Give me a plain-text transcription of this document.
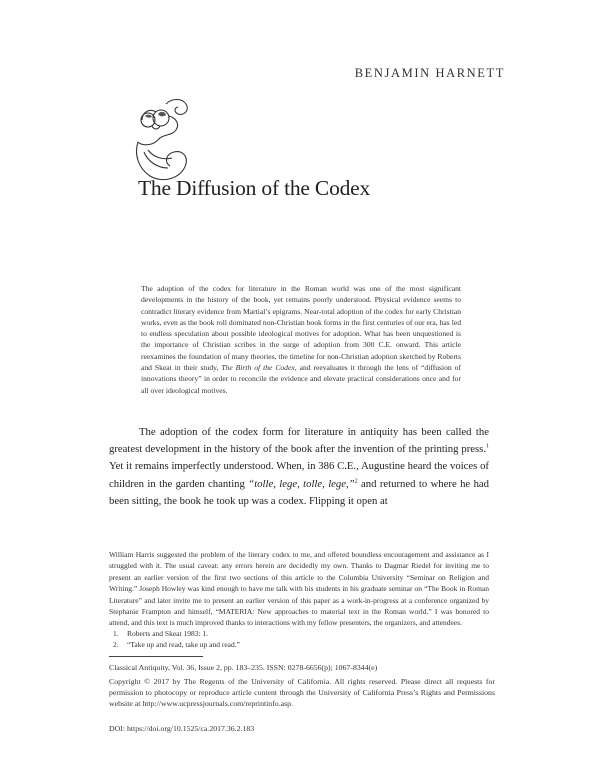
BENJAMIN HARNETT
The Diffusion of the Codex

The adoption of the codex for literature in the Roman world was one of the most significant developments in the history of the book, yet remains poorly understood. Physical evidence seems to contradict literary evidence from Martial’s epigrams. Near-total adoption of the codex for early Christian works, even as the book roll dominated non-Christian book forms in the first centuries of our era, has led to endless speculation about possible ideological motives for adoption. What has been unquestioned is the importance of Christian scribes in the surge of adoption from 300 C.E. onward. This article reexamines the foundation of many theories, the timeline for non-Christian adoption sketched by Roberts and Skeat in their study, The Birth of the Codex, and reevaluates it through the lens of “diffusion of innovations theory” in order to reconcile the evidence and elevate practical considerations once and for all over ideological motives.

The adoption of the codex form for literature in antiquity has been called the greatest development in the history of the book after the invention of the printing press.$^1$ Yet it remains imperfectly understood. When, in 386 C.E., Augustine heard the voices of children in the garden chanting “tolle, lege, tolle, lege,”$^2$ and returned to where he had been sitting, the book he took up was a codex. Flipping it open at

William Harris suggested the problem of the literary codex to me, and offered boundless encouragement and assistance as I struggled with it. The usual caveat: any errors herein are decidedly my own. Thanks to Dagmar Riedel for inviting me to present an earlier version of the first two sections of this article to the Columbia University “Seminar on Religion and Writing.” Joseph Howley was kind enough to have me talk with his students in his graduate seminar on “The Book in Roman Literature” and later invite me to present an earlier version of this paper as a work-in-progress at a conference organized by Stephanie Frampton and himself, “MATERIA: New approaches to material text in the Roman world.” I was honored to attend, and this text is much improved thanks to interactions with my fellow presenters, the organizers, and attendees.

1. Roberts and Skeat 1983: 1.
2. “Take up and read, take up and read.”

Classical Antiquity, Vol. 36, Issue 2, pp. 183–235. ISSN: 0278-6656(p); 1067-8344(e)

Copyright © 2017 by The Regents of the University of California. All rights reserved. Please direct all requests for permission to photocopy or reproduce article content through the University of California Press’s Rights and Permissions website at http://www.ucpressjournals.com/reprintinfo.asp.

DOI: https://doi.org/10.1525/ca.2017.36.2.183
